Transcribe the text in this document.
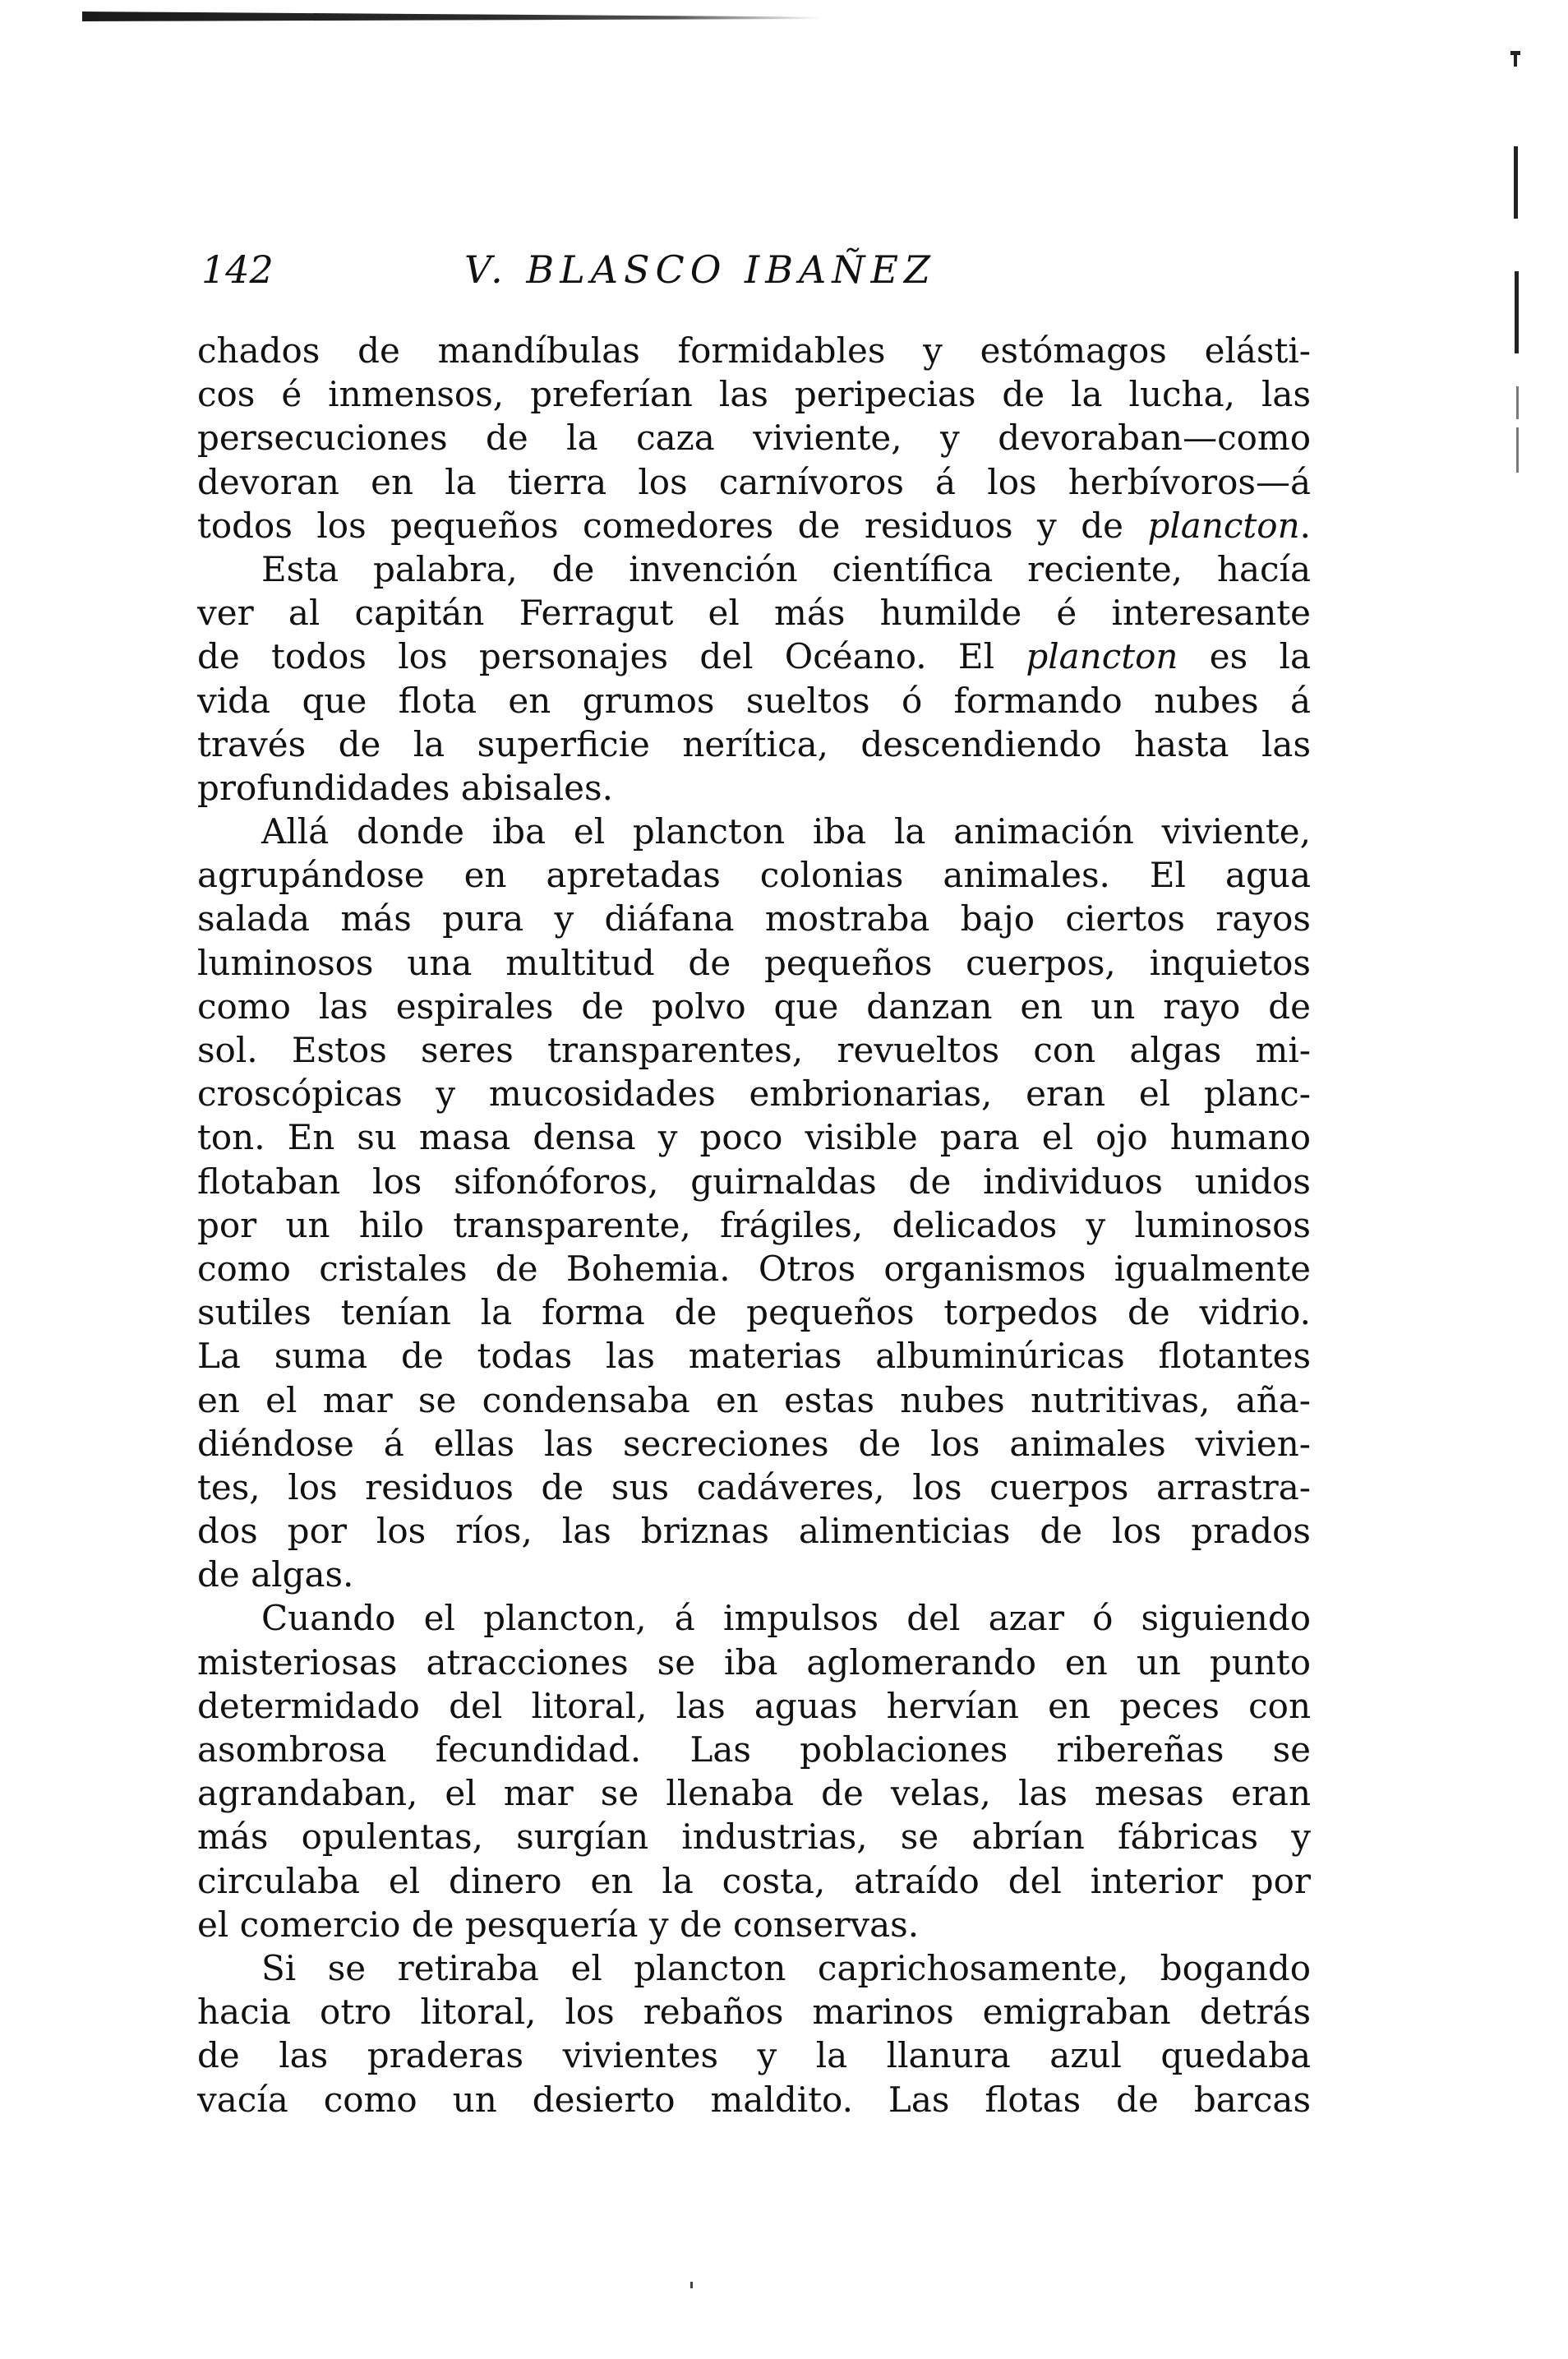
142	V. BLASCO IBAÑEZ
chados de mandíbulas formidables y estómagos elásti-
cos é inmensos, preferían las peripecias de la lucha, las
persecuciones de la caza viviente, y devoraban—como
devoran en la tierra los carnívoros á los herbívoros—á
todos los pequeños comedores de residuos y de plancton.
Esta palabra, de invención científica reciente, hacía
ver al capitán Ferragut el más humilde é interesante
de todos los personajes del Océano. El plancton es la
vida que flota en grumos sueltos ó formando nubes á
través de la superficie nerítica, descendiendo hasta las
profundidades abisales.
Allá donde iba el plancton iba la animación viviente,
agrupándose en apretadas colonias animales. El agua
salada más pura y diáfana mostraba bajo ciertos rayos
luminosos una multitud de pequeños cuerpos, inquietos
como las espirales de polvo que danzan en un rayo de
sol. Estos seres transparentes, revueltos con algas mi-
croscópicas y mucosidades embrionarias, eran el planc-
ton. En su masa densa y poco visible para el ojo humano
flotaban los sifonóforos, guirnaldas de individuos unidos
por un hilo transparente, frágiles, delicados y luminosos
como cristales de Bohemia. Otros organismos igualmente
sutiles tenían la forma de pequeños torpedos de vidrio.
La suma de todas las materias albuminúricas flotantes
en el mar se condensaba en estas nubes nutritivas, aña-
diéndose á ellas las secreciones de los animales vivien-
tes, los residuos de sus cadáveres, los cuerpos arrastra-
dos por los ríos, las briznas alimenticias de los prados
de algas.
Cuando el plancton, á impulsos del azar ó siguiendo
misteriosas atracciones se iba aglomerando en un punto
determidado del litoral, las aguas hervían en peces con
asombrosa fecundidad. Las poblaciones ribereñas se
agrandaban, el mar se llenaba de velas, las mesas eran
más opulentas, surgían industrias, se abrían fábricas y
circulaba el dinero en la costa, atraído del interior por
el comercio de pesquería y de conservas.
Si se retiraba el plancton caprichosamente, bogando
hacia otro litoral, los rebaños marinos emigraban detrás
de las praderas vivientes y la llanura azul quedaba
vacía como un desierto maldito. Las flotas de barcas
